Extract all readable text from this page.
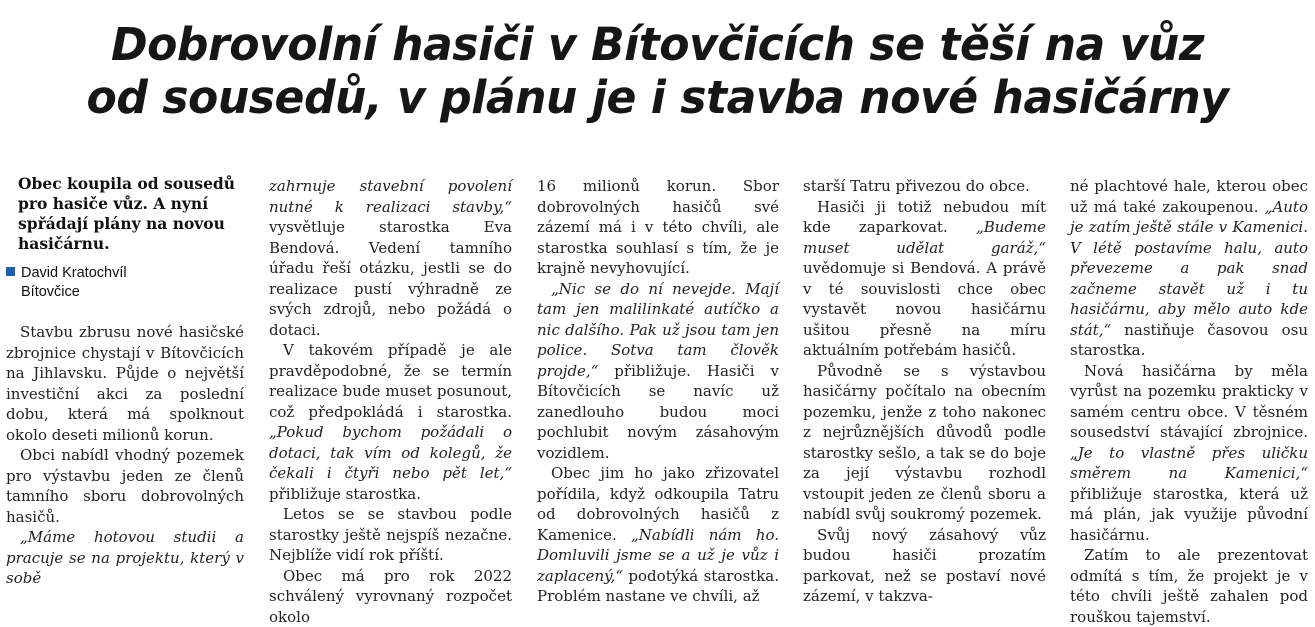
Dobrovolní hasiči v Bítovčicích se těší na vůz
od sousedů, v plánu je i stavba nové hasičárny
Obec koupila od sousedů pro hasiče vůz. A nyní spřádají plány na novou hasičárnu.
David Kratochvíl
Bítovčice

Stavbu zbrusu nové hasičské zbrojnice chystají v Bítovčicích na Jihlavsku. Půjde o největší investiční akci za poslední dobu, která má spolknout okolo deseti milionů korun.

Obci nabídl vhodný pozemek pro výstavbu jeden ze členů tamního sboru dobrovolných hasičů.

„Máme hotovou studii a pracuje se na projektu, který v sobě

zahrnuje stavební povolení nutné k realizaci stavby,“ vysvětluje starostka Eva Bendová. Vedení tamního úřadu řeší otázku, jestli se do realizace pustí výhradně ze svých zdrojů, nebo požádá o dotaci.

V takovém případě je ale pravděpodobné, že se termín realizace bude muset posunout, což předpokládá i starostka. „Pokud bychom požádali o dotaci, tak vím od kolegů, že čekali i čtyři nebo pět let,“ přibližuje starostka.

Letos se se stavbou podle starostky ještě nejspíš nezačne. Nejblíže vidí rok příští.

Obec má pro rok 2022 schválený vyrovnaný rozpočet okolo

16 milionů korun. Sbor dobrovolných hasičů své zázemí má i v této chvíli, ale starostka souhlasí s tím, že je krajně nevyhovující.

„Nic se do ní nevejde. Mají tam jen malilinkaté autíčko a nic dalšího. Pak už jsou tam jen police. Sotva tam člověk projde,“ přibližuje. Hasiči v Bítovčicích se navíc už zanedlouho budou moci pochlubit novým zásahovým vozidlem.

Obec jim ho jako zřizovatel pořídila, když odkoupila Tatru od dobrovolných hasičů z Kamenice. „Nabídli nám ho. Domluvili jsme se a už je vůz i zaplacený,“ podotýká starostka. Problém nastane ve chvíli, až

starší Tatru přivezou do obce.

Hasiči ji totiž nebudou mít kde zaparkovat. „Budeme muset udělat garáž,“ uvědomuje si Bendová. A právě v té souvislosti chce obec vystavět novou hasičárnu ušitou přesně na míru aktuálním potřebám hasičů.

Původně se s výstavbou hasičárny počítalo na obecním pozemku, jenže z toho nakonec z nejrůznějších důvodů podle starostky sešlo, a tak se do boje za její výstavbu rozhodl vstoupit jeden ze členů sboru a nabídl svůj soukromý pozemek.

Svůj nový zásahový vůz budou hasiči prozatím parkovat, než se postaví nové zázemí, v takzva-

né plachtové hale, kterou obec už má také zakoupenou. „Auto je zatím ještě stále v Kamenici. V létě postavíme halu, auto převezeme a pak snad začneme stavět už i tu hasičárnu, aby mělo auto kde stát,“ nastiňuje časovou osu starostka.

Nová hasičárna by měla vyrůst na pozemku prakticky v samém centru obce. V těsném sousedství stávající zbrojnice. „Je to vlastně přes uličku směrem na Kamenici,“ přibližuje starostka, která už má plán, jak využije původní hasičárnu.

Zatím to ale prezentovat odmítá s tím, že projekt je v této chvíli ještě zahalen pod rouškou tajemství.
